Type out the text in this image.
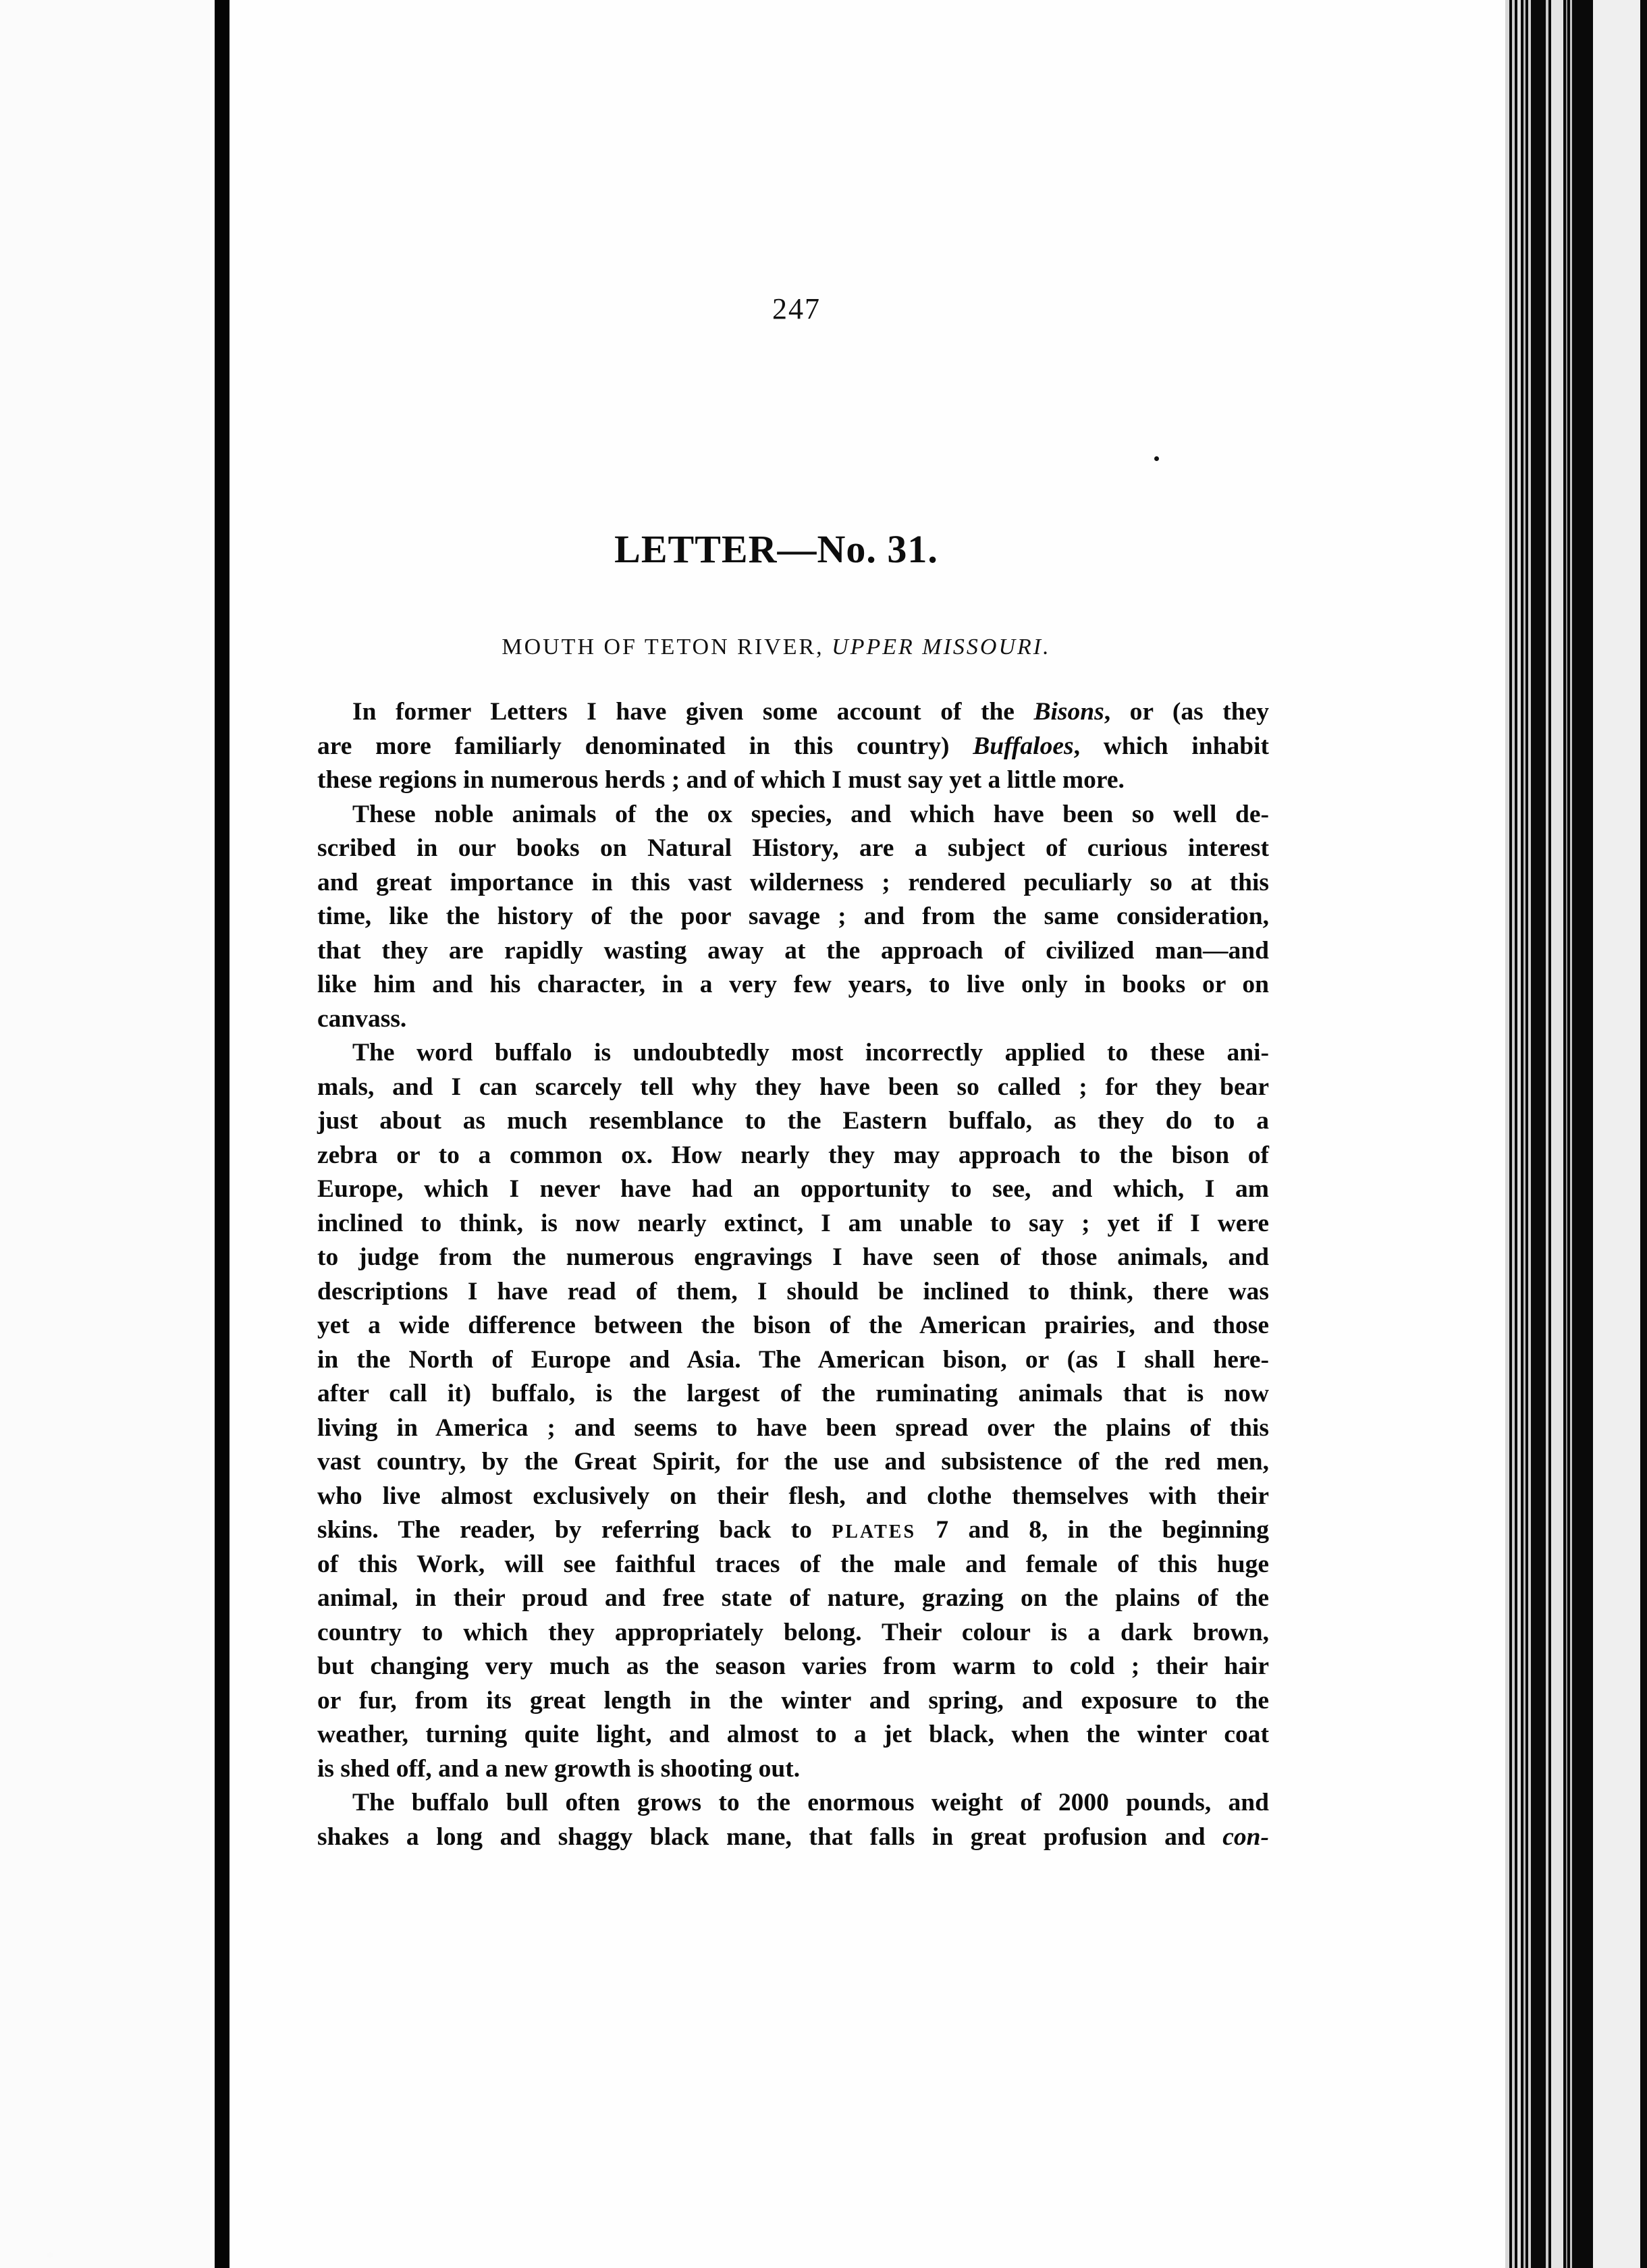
247
LETTER—No. 31.
MOUTH OF TETON RIVER, UPPER MISSOURI.
In former Letters I have given some account of the Bisons, or (as they
are more familiarly denominated in this country) Buffaloes, which inhabit
these regions in numerous herds ; and of which I must say yet a little more.
These noble animals of the ox species, and which have been so well de-
scribed in our books on Natural History, are a subject of curious interest
and great importance in this vast wilderness ; rendered peculiarly so at this
time, like the history of the poor savage ; and from the same consideration,
that they are rapidly wasting away at the approach of civilized man—and
like him and his character, in a very few years, to live only in books or on
canvass.
The word buffalo is undoubtedly most incorrectly applied to these ani-
mals, and I can scarcely tell why they have been so called ; for they bear
just about as much resemblance to the Eastern buffalo, as they do to a
zebra or to a common ox. How nearly they may approach to the bison of
Europe, which I never have had an opportunity to see, and which, I am
inclined to think, is now nearly extinct, I am unable to say ; yet if I were
to judge from the numerous engravings I have seen of those animals, and
descriptions I have read of them, I should be inclined to think, there was
yet a wide difference between the bison of the American prairies, and those
in the North of Europe and Asia. The American bison, or (as I shall here-
after call it) buffalo, is the largest of the ruminating animals that is now
living in America ; and seems to have been spread over the plains of this
vast country, by the Great Spirit, for the use and subsistence of the red men,
who live almost exclusively on their flesh, and clothe themselves with their
skins. The reader, by referring back to PLATES 7 and 8, in the beginning
of this Work, will see faithful traces of the male and female of this huge
animal, in their proud and free state of nature, grazing on the plains of the
country to which they appropriately belong. Their colour is a dark brown,
but changing very much as the season varies from warm to cold ; their hair
or fur, from its great length in the winter and spring, and exposure to the
weather, turning quite light, and almost to a jet black, when the winter coat
is shed off, and a new growth is shooting out.
The buffalo bull often grows to the enormous weight of 2000 pounds, and
shakes a long and shaggy black mane, that falls in great profusion and con-
